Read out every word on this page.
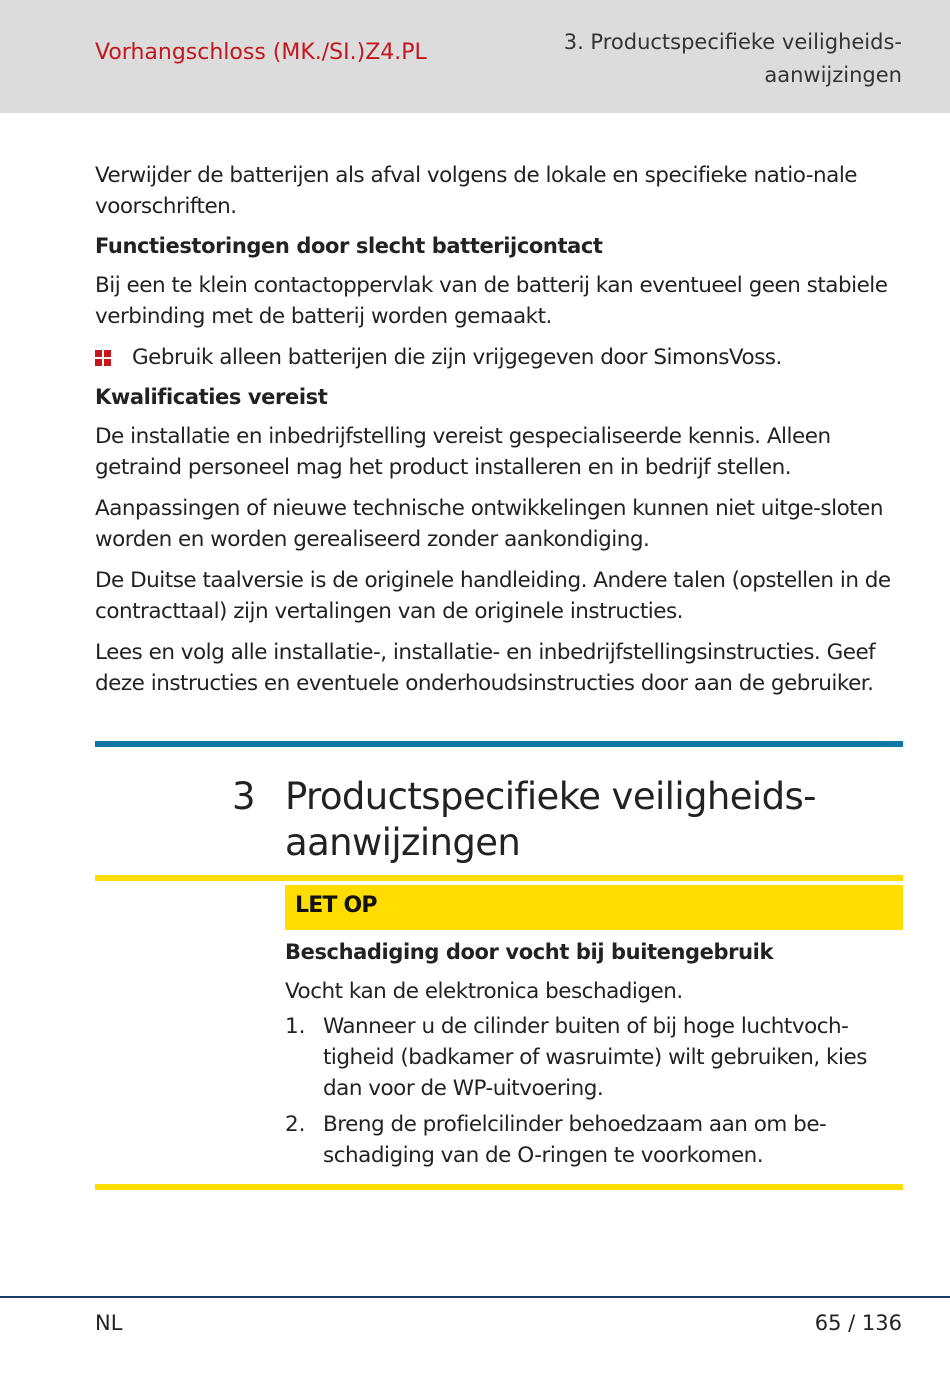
Vorhangschloss (MK./SI.)Z4.PL	3. Productspecifieke veiligheids-
aanwijzingen

Verwijder de batterijen als afval volgens de lokale en specifieke natio-nale voorschriften.

Functiestoringen door slecht batterijcontact

Bij een te klein contactoppervlak van de batterij kan eventueel geen stabiele verbinding met de batterij worden gemaakt.

Gebruik alleen batterijen die zijn vrijgegeven door SimonsVoss.
Kwalificaties vereist

De installatie en inbedrijfstelling vereist gespecialiseerde kennis. Alleen getraind personeel mag het product installeren en in bedrijf stellen.

Aanpassingen of nieuwe technische ontwikkelingen kunnen niet uitge-sloten worden en worden gerealiseerd zonder aankondiging.

De Duitse taalversie is de originele handleiding. Andere talen (opstellen in de contracttaal) zijn vertalingen van de originele instructies.

Lees en volg alle installatie-, installatie- en inbedrijfstellingsinstructies. Geef deze instructies en eventuele onderhoudsinstructies door aan de gebruiker.

3 Productspecifieke veiligheids-
aanwijzingen
LET OP
Beschadiging door vocht bij buitengebruik

Vocht kan de elektronica beschadigen.

1. Wanneer u de cilinder buiten of bij hoge luchtvoch-tigheid (badkamer of wasruimte) wilt gebruiken, kies dan voor de WP-uitvoering.
2. Breng de profielcilinder behoedzaam aan om be-schadiging van de O-ringen te voorkomen.
NL	65 / 136
